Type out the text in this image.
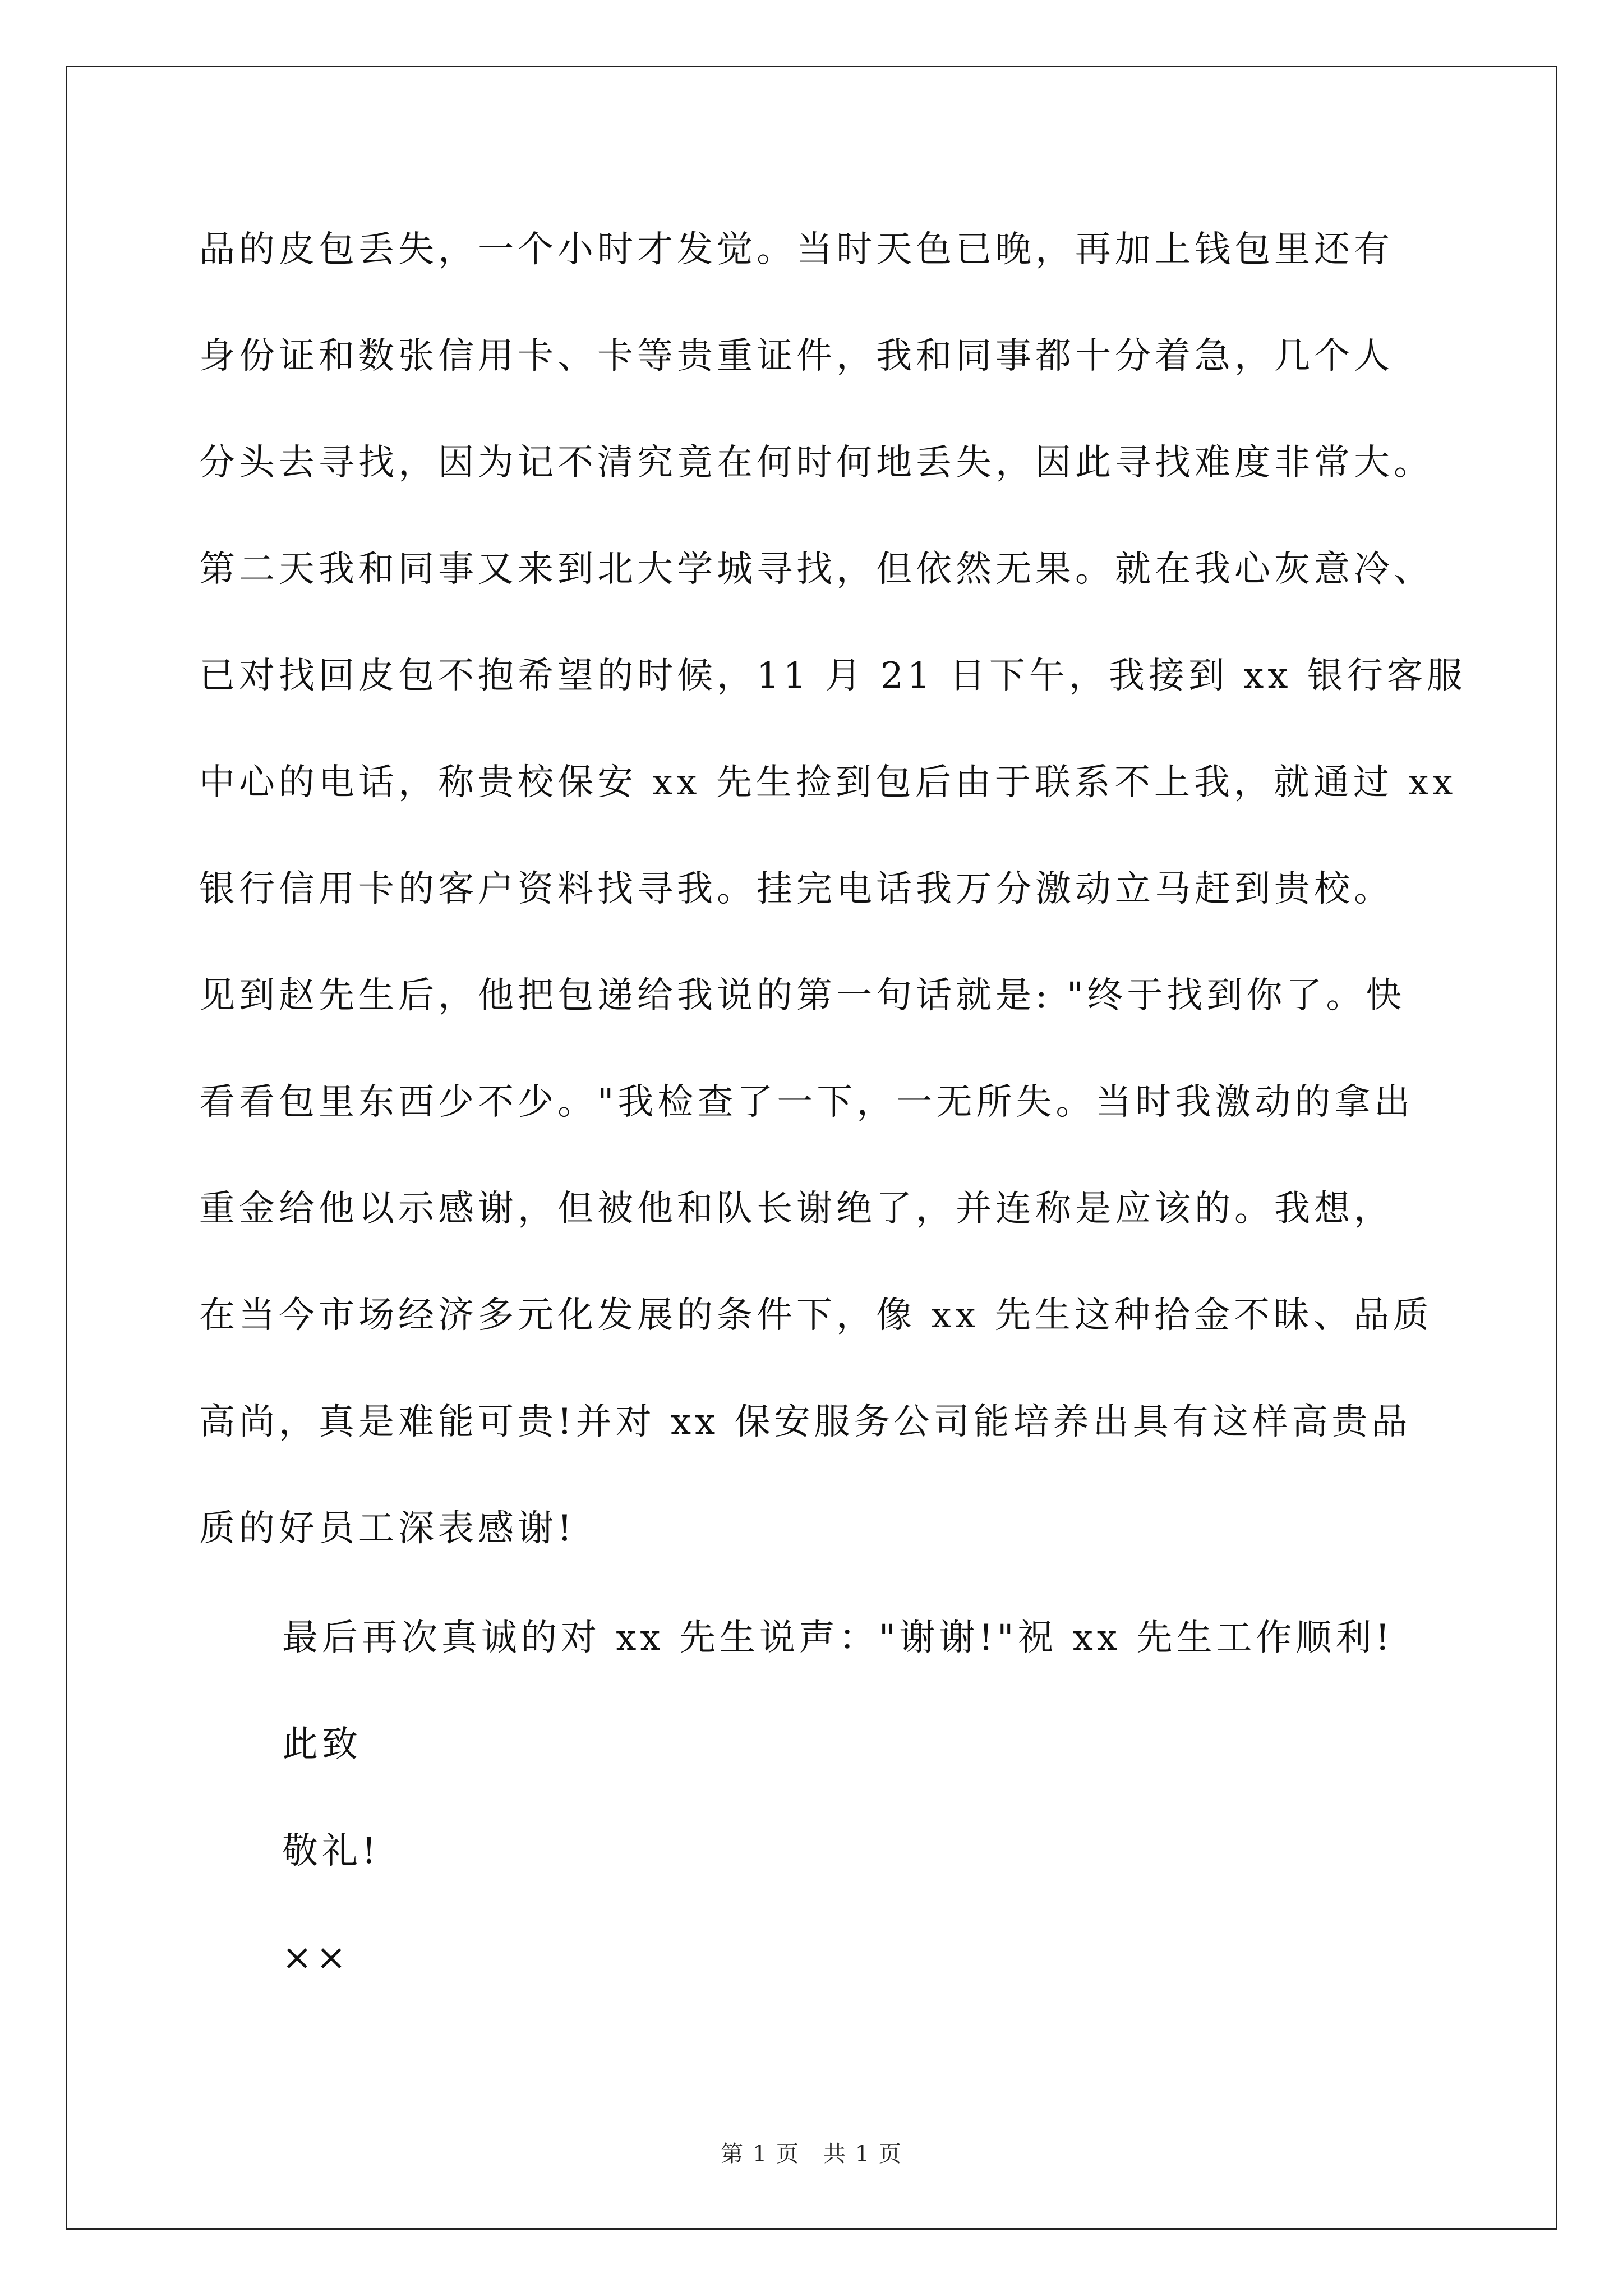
品的皮包丢失，一个小时才发觉。当时天色已晚，再加上钱包里还有
身份证和数张信用卡、卡等贵重证件，我和同事都十分着急，几个人
分头去寻找，因为记不清究竟在何时何地丢失，因此寻找难度非常大。
第二天我和同事又来到北大学城寻找，但依然无果。就在我心灰意冷、
已对找回皮包不抱希望的时候，11 月 21 日下午，我接到 xx 银行客服
中心的电话，称贵校保安 xx 先生捡到包后由于联系不上我，就通过 xx
银行信用卡的客户资料找寻我。挂完电话我万分激动立马赶到贵校。
见到赵先生后，他把包递给我说的第一句话就是: "终于找到你了。快
看看包里东西少不少。"我检查了一下，一无所失。当时我激动的拿出
重金给他以示感谢，但被他和队长谢绝了，并连称是应该的。我想，
在当今市场经济多元化发展的条件下，像 xx 先生这种拾金不昧、品质
高尚，真是难能可贵!并对 xx 保安服务公司能培养出具有这样高贵品
质的好员工深表感谢!
最后再次真诚的对 xx 先生说声："谢谢!"祝 xx 先生工作顺利!
此致
敬礼!
××
第 1 页　共 1 页
